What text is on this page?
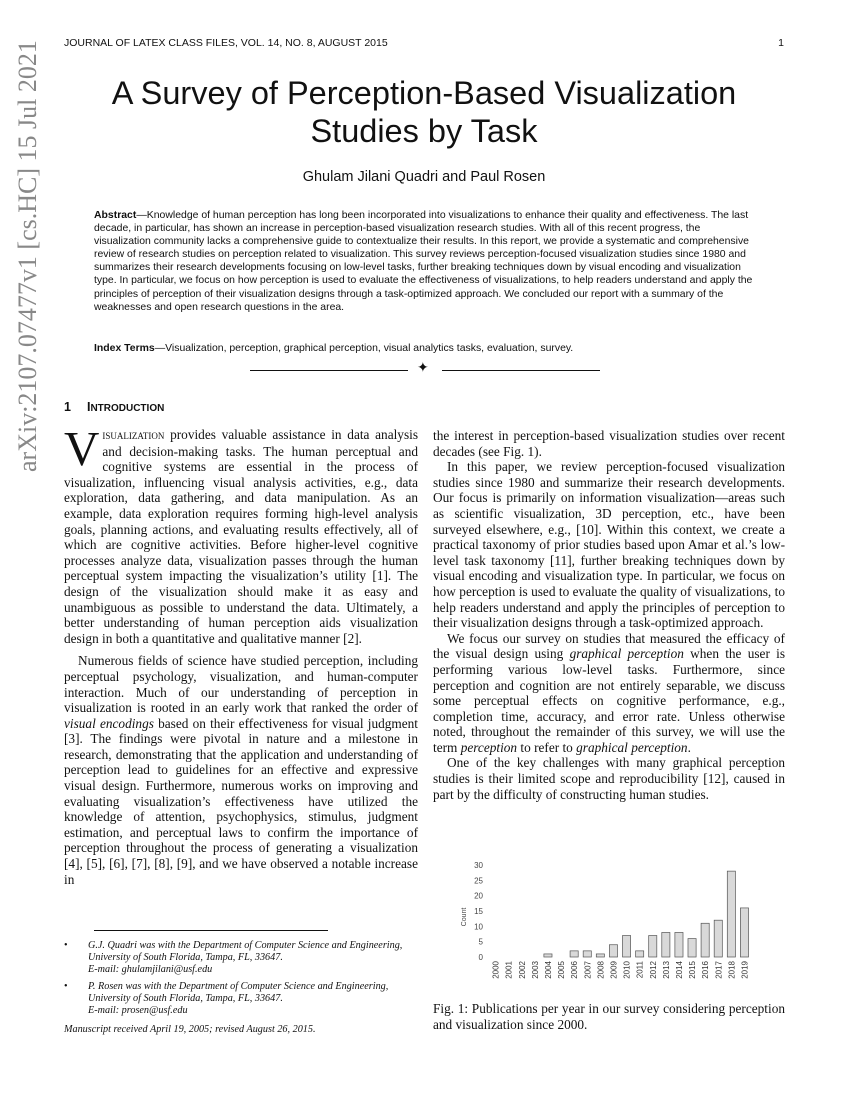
JOURNAL OF LATEX CLASS FILES, VOL. 14, NO. 8, AUGUST 2015	1
arXiv:2107.07477v1 [cs.HC] 15 Jul 2021	A Survey of Perception-Based Visualization
Studies by Task
Ghulam Jilani Quadri and Paul Rosen
Abstract—Knowledge of human perception has long been incorporated into visualizations to enhance their quality and effectiveness. The last decade, in particular, has shown an increase in perception-based visualization research studies. With all of this recent progress, the visualization community lacks a comprehensive guide to contextualize their results. In this report, we provide a systematic and comprehensive review of research studies on perception related to visualization. This survey reviews perception-focused visualization studies since 1980 and summarizes their research developments focusing on low-level tasks, further breaking techniques down by visual encoding and visualization type. In particular, we focus on how perception is used to evaluate the effectiveness of visualizations, to help readers understand and apply the principles of perception of their visualization designs through a task-optimized approach. We concluded our report with a summary of the weaknesses and open research questions in the area.
Index Terms—Visualization, perception, graphical perception, visual analytics tasks, evaluation, survey.
✦
1 INTRODUCTION

Visualization provides valuable assistance in data analysis and decision-making tasks. The human perceptual and cognitive systems are essential in the process of visualization, influencing visual analysis activities, e.g., data exploration, data gathering, and data manipulation. As an example, data exploration requires forming high-level analysis goals, planning actions, and evaluating results effectively, all of which are cognitive activities. Before higher-level cognitive processes analyze data, visualization passes through the human perceptual system impacting the visualization’s utility [1]. The design of the visualization should make it as easy and unambiguous as possible to understand the data. Ultimately, a better understanding of human perception aids visualization design in both a quantitative and qualitative manner [2].

Numerous fields of science have studied perception, including perceptual psychology, visualization, and human-computer interaction. Much of our understanding of perception in visualization is rooted in an early work that ranked the order of visual encodings based on their effectiveness for visual judgment [3]. The findings were pivotal in nature and a milestone in research, demonstrating that the application and understanding of perception lead to guidelines for an effective and expressive visual design. Furthermore, numerous works on improving and evaluating visualization’s effectiveness have utilized the knowledge of attention, psychophysics, stimulus, judgment estimation, and perceptual laws to confirm the importance of perception throughout the process of generating a visualization [4], [5], [6], [7], [8], [9], and we have observed a notable increase in

the interest in perception-based visualization studies over recent decades (see Fig. 1).

In this paper, we review perception-focused visualization studies since 1980 and summarize their research developments. Our focus is primarily on information visualization—areas such as scientific visualization, 3D perception, etc., have been surveyed elsewhere, e.g., [10]. Within this context, we create a practical taxonomy of prior studies based upon Amar et al.’s low-level task taxonomy [11], further breaking techniques down by visual encoding and visualization type. In particular, we focus on how perception is used to evaluate the quality of visualizations, to help readers understand and apply the principles of perception to their visualization designs through a task-optimized approach.

We focus our survey on studies that measured the efficacy of the visual design using graphical perception when the user is performing various low-level tasks. Furthermore, since perception and cognition are not entirely separable, we discuss some perceptual effects on cognitive performance, e.g., completion time, accuracy, and error rate. Unless otherwise noted, throughout the remainder of this survey, we will use the term perception to refer to graphical perception.

One of the key challenges with many graphical perception studies is their limited scope and reproducibility [12], caused in part by the difficulty of constructing human studies.

Count
0
5
10
15
20
25
30
2000 2001 2002 2003 2004 2005 2006 2007 2008 2009 2010 2011 2012 2013 2014 2015 2016 2017 2018 2019
Fig. 1: Publications per year in our survey considering perception and visualization since 2000.
• G.J. Quadri was with the Department of Computer Science and Engineering, University of South Florida, Tampa, FL, 33647.
E-mail: ghulamjilani@usf.edu
• P. Rosen was with the Department of Computer Science and Engineering, University of South Florida, Tampa, FL, 33647.
E-mail: prosen@usf.edu
Manuscript received April 19, 2005; revised August 26, 2015.
